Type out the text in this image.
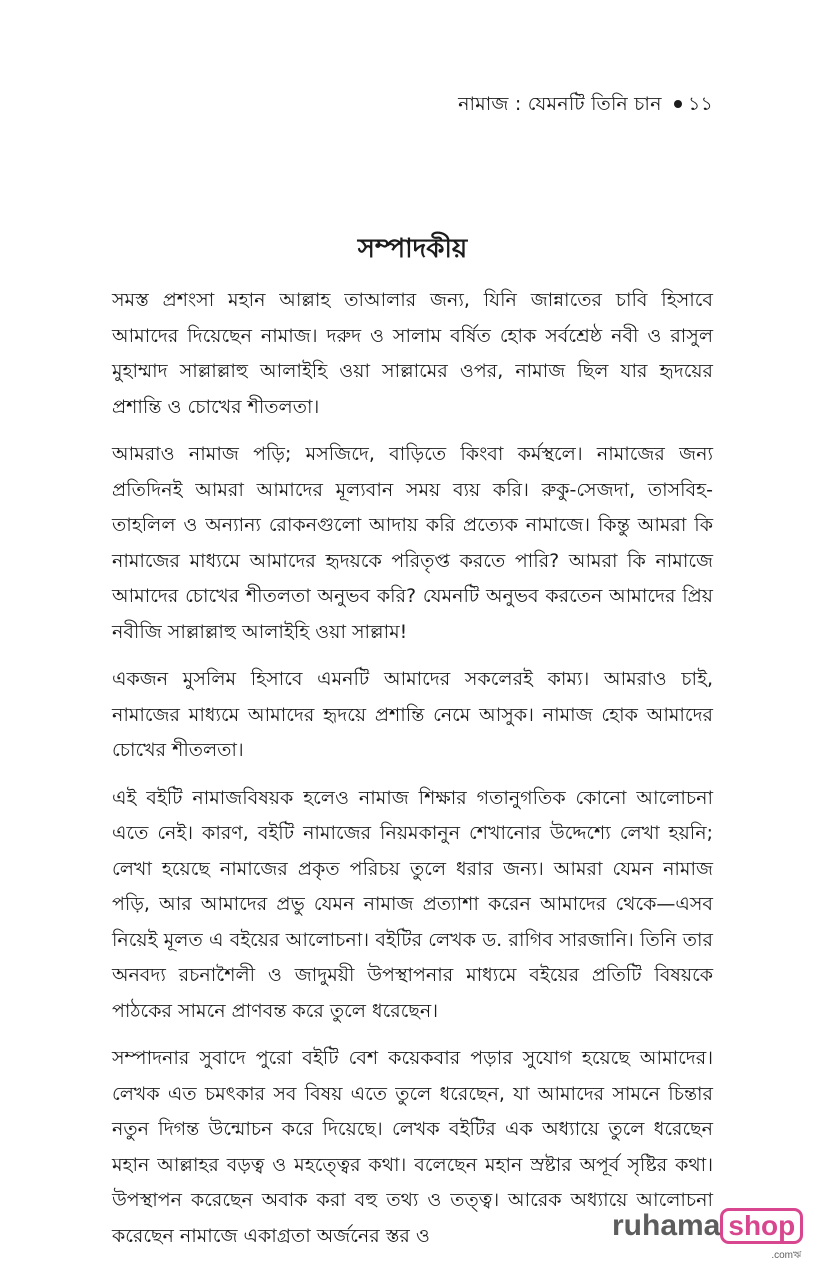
নামাজ : যেমনটি তিনি চান ১১
সম্পাদকীয়

সমস্ত প্রশংসা মহান আল্লাহ তাআলার জন্য, যিনি জান্নাতের চাবি হিসাবে আমাদের দিয়েছেন নামাজ। দরুদ ও সালাম বর্ষিত হোক সর্বশ্রেষ্ঠ নবী ও রাসুল মুহাম্মাদ সাল্লাল্লাহু আলাইহি ওয়া সাল্লামের ওপর, নামাজ ছিল যার হৃদয়ের প্রশান্তি ও চোখের শীতলতা।

আমরাও নামাজ পড়ি; মসজিদে, বাড়িতে কিংবা কর্মস্থলে। নামাজের জন্য প্রতিদিনই আমরা আমাদের মূল্যবান সময় ব্যয় করি। রুকু-সেজদা, তাসবিহ-তাহলিল ও অন্যান্য রোকনগুলো আদায় করি প্রত্যেক নামাজে। কিন্তু আমরা কি নামাজের মাধ্যমে আমাদের হৃদয়কে পরিতৃপ্ত করতে পারি? আমরা কি নামাজে আমাদের চোখের শীতলতা অনুভব করি? যেমনটি অনুভব করতেন আমাদের প্রিয় নবীজি সাল্লাল্লাহু আলাইহি ওয়া সাল্লাম!

একজন মুসলিম হিসাবে এমনটি আমাদের সকলেরই কাম্য। আমরাও চাই, নামাজের মাধ্যমে আমাদের হৃদয়ে প্রশান্তি নেমে আসুক। নামাজ হোক আমাদের চোখের শীতলতা।

এই বইটি নামাজবিষয়ক হলেও নামাজ শিক্ষার গতানুগতিক কোনো আলোচনা এতে নেই। কারণ, বইটি নামাজের নিয়মকানুন শেখানোর উদ্দেশ্যে লেখা হয়নি; লেখা হয়েছে নামাজের প্রকৃত পরিচয় তুলে ধরার জন্য। আমরা যেমন নামাজ পড়ি, আর আমাদের প্রভু যেমন নামাজ প্রত্যাশা করেন আমাদের থেকে—এসব নিয়েই মূলত এ বইয়ের আলোচনা। বইটির লেখক ড. রাগিব সারজানি। তিনি তার অনবদ্য রচনাশৈলী ও জাদুময়ী উপস্থাপনার মাধ্যমে বইয়ের প্রতিটি বিষয়কে পাঠকের সামনে প্রাণবন্ত করে তুলে ধরেছেন।

সম্পাদনার সুবাদে পুরো বইটি বেশ কয়েকবার পড়ার সুযোগ হয়েছে আমাদের। লেখক এত চমৎকার সব বিষয় এতে তুলে ধরেছেন, যা আমাদের সামনে চিন্তার নতুন দিগন্ত উন্মোচন করে দিয়েছে। লেখক বইটির এক অধ্যায়ে তুলে ধরেছেন মহান আল্লাহর বড়ত্ব ও মহত্ত্বের কথা। বলেছেন মহান স্রষ্টার অপূর্ব সৃষ্টির কথা। উপস্থাপন করেছেন অবাক করা বহু তথ্য ও তত্ত্ব। আরেক অধ্যায়ে আলোচনা করেছেন নামাজে একাগ্রতা অর্জনের স্তর ও	ruhama shop
.comঋ
